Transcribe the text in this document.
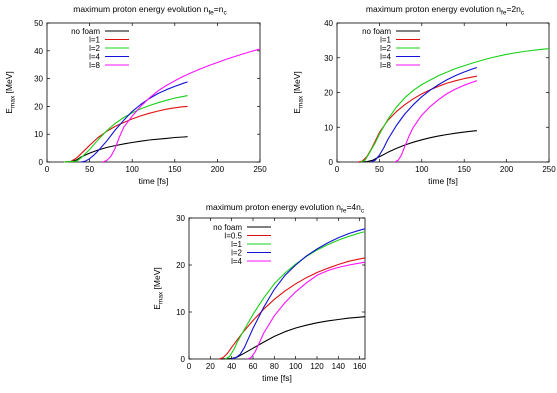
0	50	100	150	200	250
0
10
20
30
40
50
maximum proton energy evolution $n_{fe}=n_c$
time [fs]
$E_{max}$ [MeV]
no foam
l=1
l=2
l=4
l=8
0	50	100	150	200	250
0
10
20
30
40
maximum proton energy evolution $n_{fe}=2n_c$
time [fs]
$E_{max}$ [MeV]
no foam
l=1
l=2
l=4
l=8
0 20 40 60 80 100 120 140 160
0
10
20
30
maximum proton energy evolution $n_{fe}=4n_c$
time [fs]
$E_{max}$ [MeV]
no foam
l=0.5
l=1
l=2
l=4
